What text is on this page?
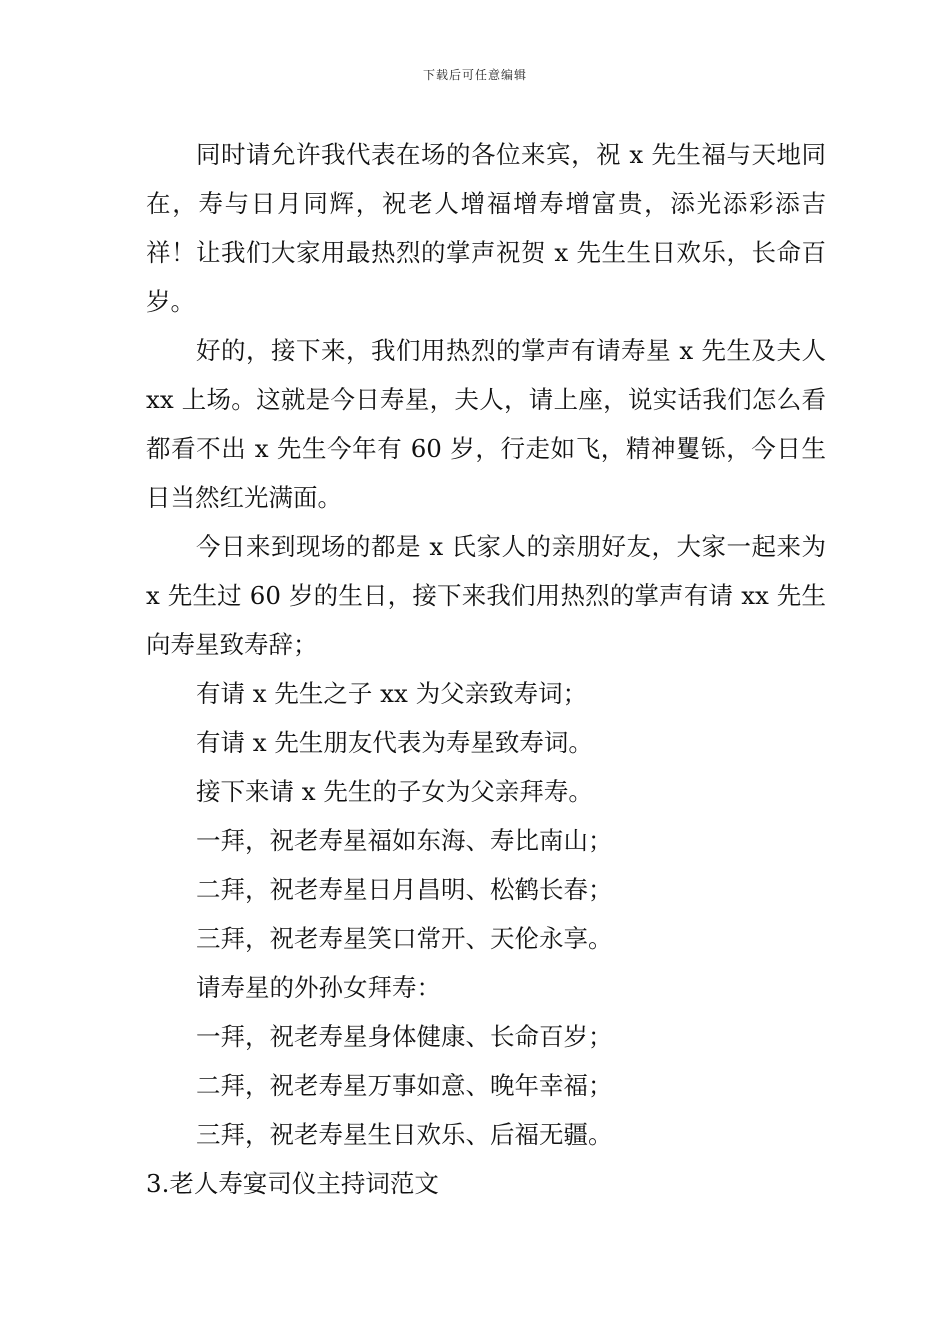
下载后可任意编辑

同时请允许我代表在场的各位来宾，祝 x 先生福与天地同在，寿与日月同辉，祝老人增福增寿增富贵，添光添彩添吉祥！让我们大家用最热烈的掌声祝贺 x 先生生日欢乐，长命百岁。

好的，接下来，我们用热烈的掌声有请寿星 x 先生及夫人 xx 上场。这就是今日寿星，夫人，请上座，说实话我们怎么看都看不出 x 先生今年有 60 岁，行走如飞，精神矍铄，今日生日当然红光满面。

今日来到现场的都是 x 氏家人的亲朋好友，大家一起来为 x 先生过 60 岁的生日，接下来我们用热烈的掌声有请 xx 先生向寿星致寿辞；

有请 x 先生之子 xx 为父亲致寿词；

有请 x 先生朋友代表为寿星致寿词。

接下来请 x 先生的子女为父亲拜寿。

一拜，祝老寿星福如东海、寿比南山；

二拜，祝老寿星日月昌明、松鹤长春；

三拜，祝老寿星笑口常开、天伦永享。

请寿星的外孙女拜寿：

一拜，祝老寿星身体健康、长命百岁；

二拜，祝老寿星万事如意、晚年幸福；

三拜，祝老寿星生日欢乐、后福无疆。

3.老人寿宴司仪主持词范文
